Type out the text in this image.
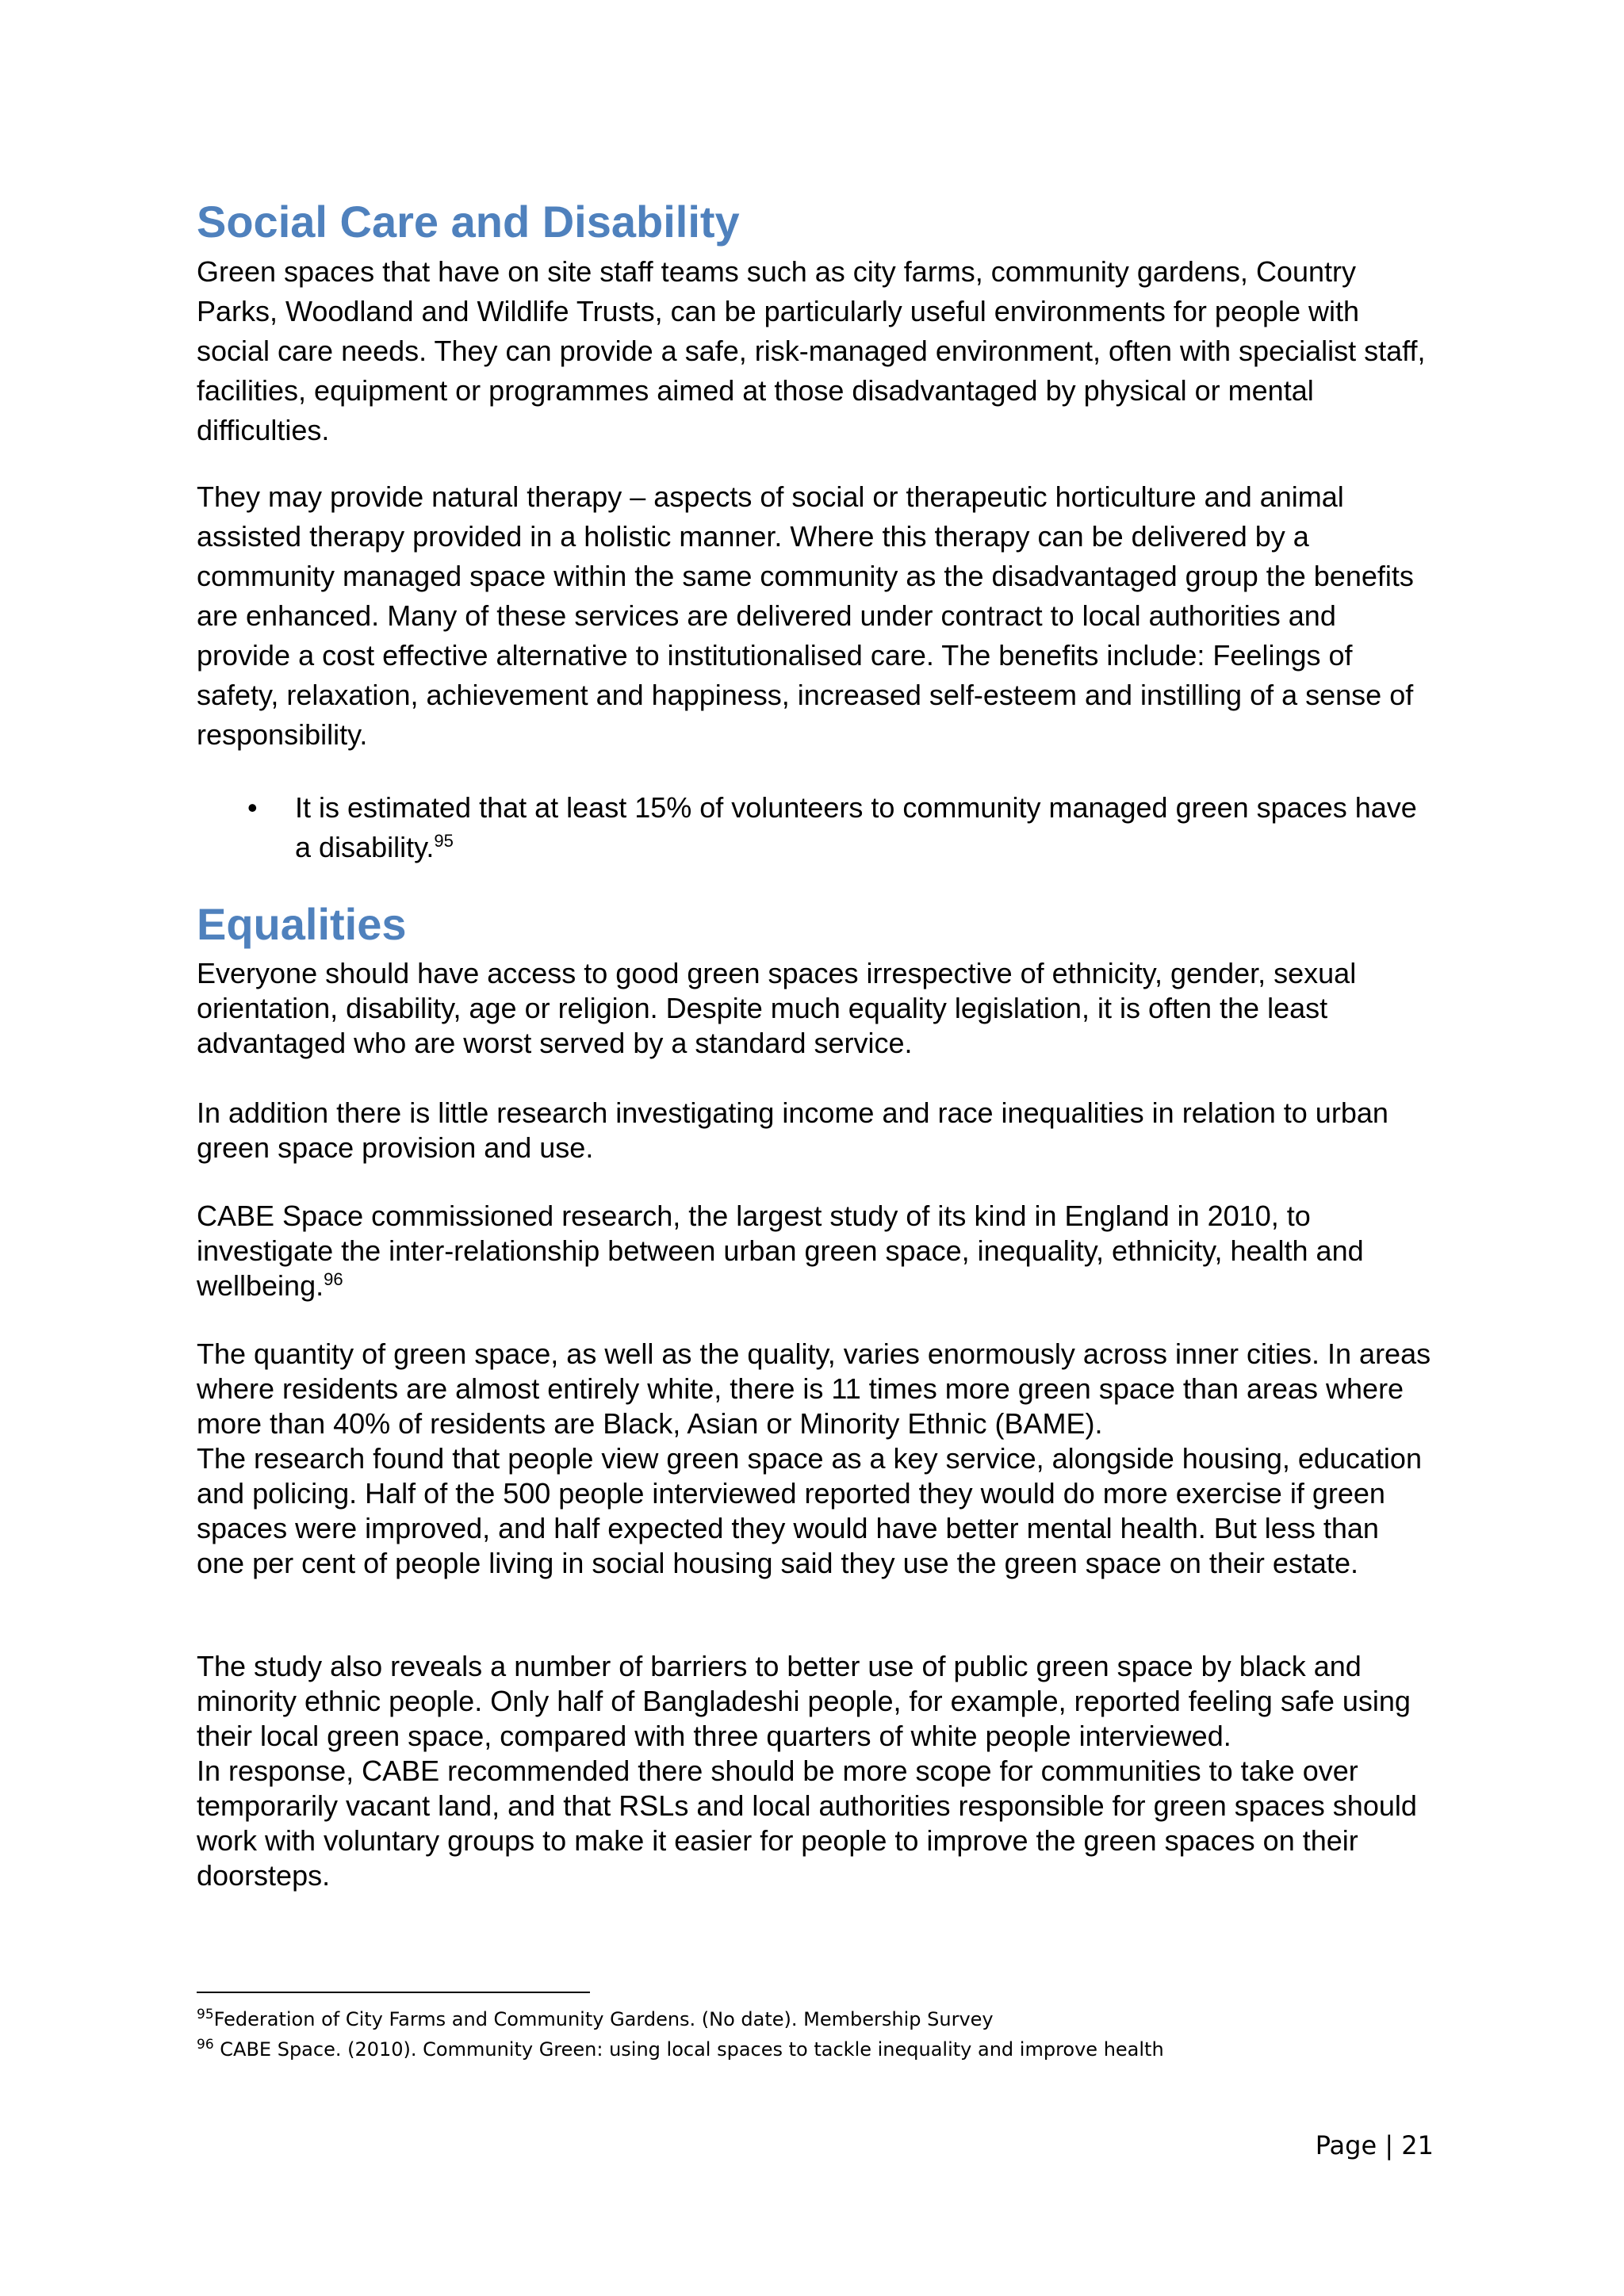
Social Care and Disability

Green spaces that have on site staff teams such as city farms, community gardens, Country Parks, Woodland and Wildlife Trusts, can be particularly useful environments for people with social care needs. They can provide a safe, risk-managed environment, often with specialist staff, facilities, equipment or programmes aimed at those disadvantaged by physical or mental difficulties.

They may provide natural therapy – aspects of social or therapeutic horticulture and animal assisted therapy provided in a holistic manner. Where this therapy can be delivered by a community managed space within the same community as the disadvantaged group the benefits are enhanced. Many of these services are delivered under contract to local authorities and provide a cost effective alternative to institutionalised care. The benefits include: Feelings of safety, relaxation, achievement and happiness, increased self-esteem and instilling of a sense of responsibility.

• It is estimated that at least 15% of volunteers to community managed green spaces have a disability.$^{95}$
Equalities

Everyone should have access to good green spaces irrespective of ethnicity, gender, sexual orientation, disability, age or religion. Despite much equality legislation, it is often the least advantaged who are worst served by a standard service.

In addition there is little research investigating income and race inequalities in relation to urban green space provision and use.

CABE Space commissioned research, the largest study of its kind in England in 2010, to investigate the inter-relationship between urban green space, inequality, ethnicity, health and wellbeing.$^{96}$

The quantity of green space, as well as the quality, varies enormously across inner cities. In areas where residents are almost entirely white, there is 11 times more green space than areas where more than 40% of residents are Black, Asian or Minority Ethnic (BAME).

The research found that people view green space as a key service, alongside housing, education and policing. Half of the 500 people interviewed reported they would do more exercise if green spaces were improved, and half expected they would have better mental health. But less than one per cent of people living in social housing said they use the green space on their estate.

The study also reveals a number of barriers to better use of public green space by black and minority ethnic people. Only half of Bangladeshi people, for example, reported feeling safe using their local green space, compared with three quarters of white people interviewed.

In response, CABE recommended there should be more scope for communities to take over temporarily vacant land, and that RSLs and local authorities responsible for green spaces should work with voluntary groups to make it easier for people to improve the green spaces on their doorsteps.

$^{95}$Federation of City Farms and Community Gardens. (No date). Membership Survey
$^{96}$ CABE Space. (2010). Community Green: using local spaces to tackle inequality and improve health
Page | 21
